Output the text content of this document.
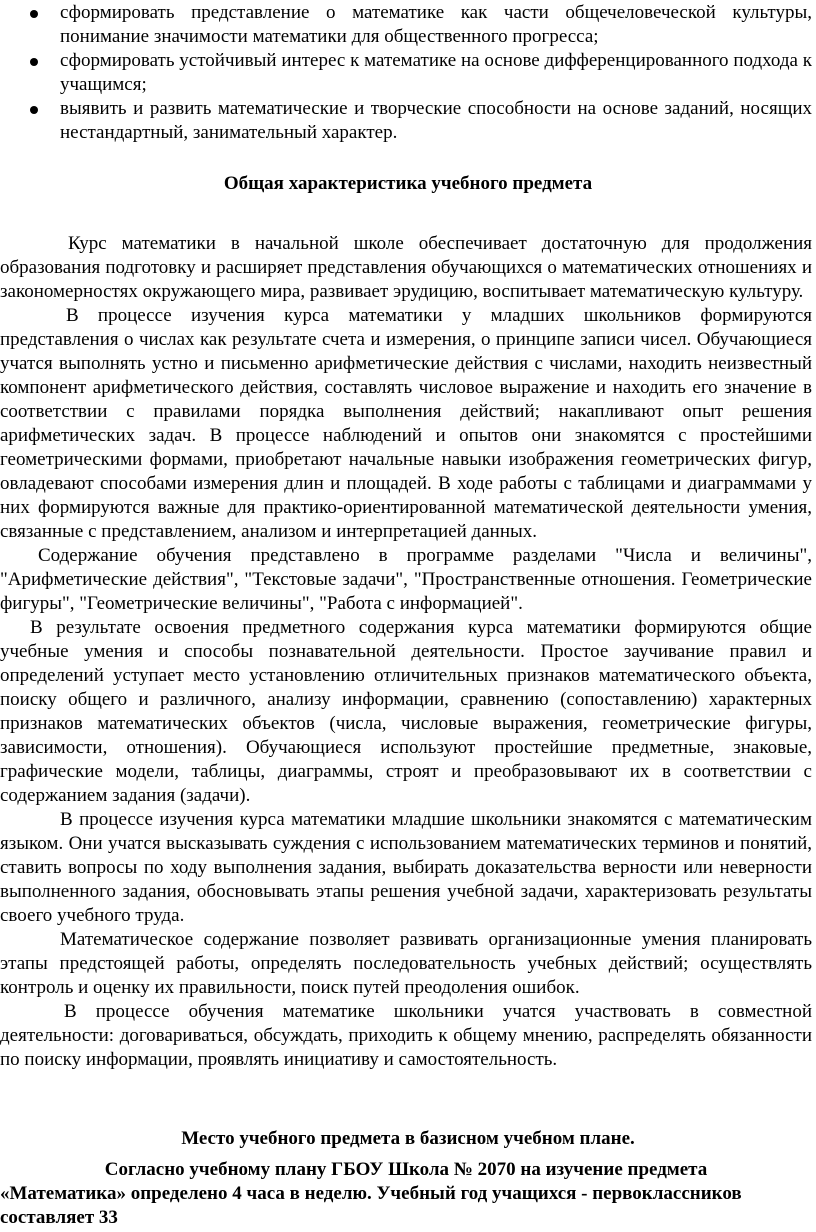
сформировать представление о математике как части общечеловеческой культуры, понимание значимости математики для общественного прогресса;
сформировать устойчивый интерес к математике на основе дифференцированного подхода к учащимся;
выявить и развить математические и творческие способности на основе заданий, носящих нестандартный, занимательный характер.
Общая характеристика учебного предмета

Курс математики в начальной школе обеспечивает достаточную для продолжения образования подготовку и расширяет представления обучающихся о математических отношениях и закономерностях окружающего мира, развивает эрудицию, воспитывает математическую культуру.

В процессе изучения курса математики у младших школьников формируются представления о числах как результате счета и измерения, о принципе записи чисел. Обучающиеся учатся выполнять устно и письменно арифметические действия с числами, находить неизвестный компонент арифметического действия, составлять числовое выражение и находить его значение в соответствии с правилами порядка выполнения действий; накапливают опыт решения арифметических задач. В процессе наблюдений и опытов они знакомятся с простейшими геометрическими формами, приобретают начальные навыки изображения геометрических фигур, овладевают способами измерения длин и площадей. В ходе работы с таблицами и диаграммами у них формируются важные для практико-ориентированной математической деятельности умения, связанные с представлением, анализом и интерпретацией данных.

Содержание обучения представлено в программе разделами "Числа и величины", "Арифметические действия", "Текстовые задачи", "Пространственные отношения. Геометрические фигуры", "Геометрические величины", "Работа с информацией".

В результате освоения предметного содержания курса математики формируются общие учебные умения и способы познавательной деятельности. Простое заучивание правил и определений уступает место установлению отличительных признаков математического объекта, поиску общего и различного, анализу информации, сравнению (сопоставлению) характерных признаков математических объектов (числа, числовые выражения, геометрические фигуры, зависимости, отношения). Обучающиеся используют простейшие предметные, знаковые, графические модели, таблицы, диаграммы, строят и преобразовывают их в соответствии с содержанием задания (задачи).

В процессе изучения курса математики младшие школьники знакомятся с математическим языком. Они учатся высказывать суждения с использованием математических терминов и понятий, ставить вопросы по ходу выполнения задания, выбирать доказательства верности или неверности выполненного задания, обосновывать этапы решения учебной задачи, характеризовать результаты своего учебного труда.

Математическое содержание позволяет развивать организационные умения планировать этапы предстоящей работы, определять последовательность учебных действий; осуществлять контроль и оценку их правильности, поиск путей преодоления ошибок.

В процессе обучения математике школьники учатся участвовать в совместной деятельности: договариваться, обсуждать, приходить к общему мнению, распределять обязанности по поиску информации, проявлять инициативу и самостоятельность.

Место учебного предмета в базисном учебном плане.

Согласно учебному плану ГБОУ Школа № 2070 на изучение предмета
«Математика» определено 4 часа в неделю. Учебный год учащихся - первоклассников составляет 33
